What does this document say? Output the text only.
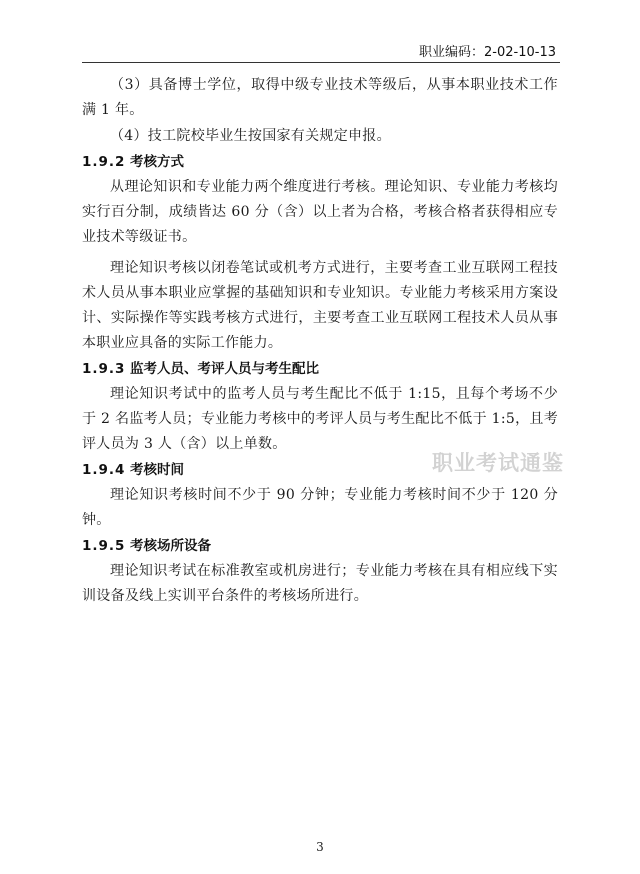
职业编码：2-02-10-13

（3）具备博士学位，取得中级专业技术等级后，从事本职业技术工作满 1 年。

（4）技工院校毕业生按国家有关规定申报。

1.9.2 考核方式

从理论知识和专业能力两个维度进行考核。理论知识、专业能力考核均实行百分制，成绩皆达 60 分（含）以上者为合格，考核合格者获得相应专业技术等级证书。

理论知识考核以闭卷笔试或机考方式进行，主要考查工业互联网工程技术人员从事本职业应掌握的基础知识和专业知识。专业能力考核采用方案设计、实际操作等实践考核方式进行，主要考查工业互联网工程技术人员从事本职业应具备的实际工作能力。

1.9.3 监考人员、考评人员与考生配比

理论知识考试中的监考人员与考生配比不低于 1:15，且每个考场不少于 2 名监考人员；专业能力考核中的考评人员与考生配比不低于 1:5，且考评人员为 3 人（含）以上单数。

1.9.4 考核时间

理论知识考核时间不少于 90 分钟；专业能力考核时间不少于 120 分钟。

1.9.5 考核场所设备

理论知识考试在标准教室或机房进行；专业能力考核在具有相应线下实训设备及线上实训平台条件的考核场所进行。

职业考试通鉴
3
